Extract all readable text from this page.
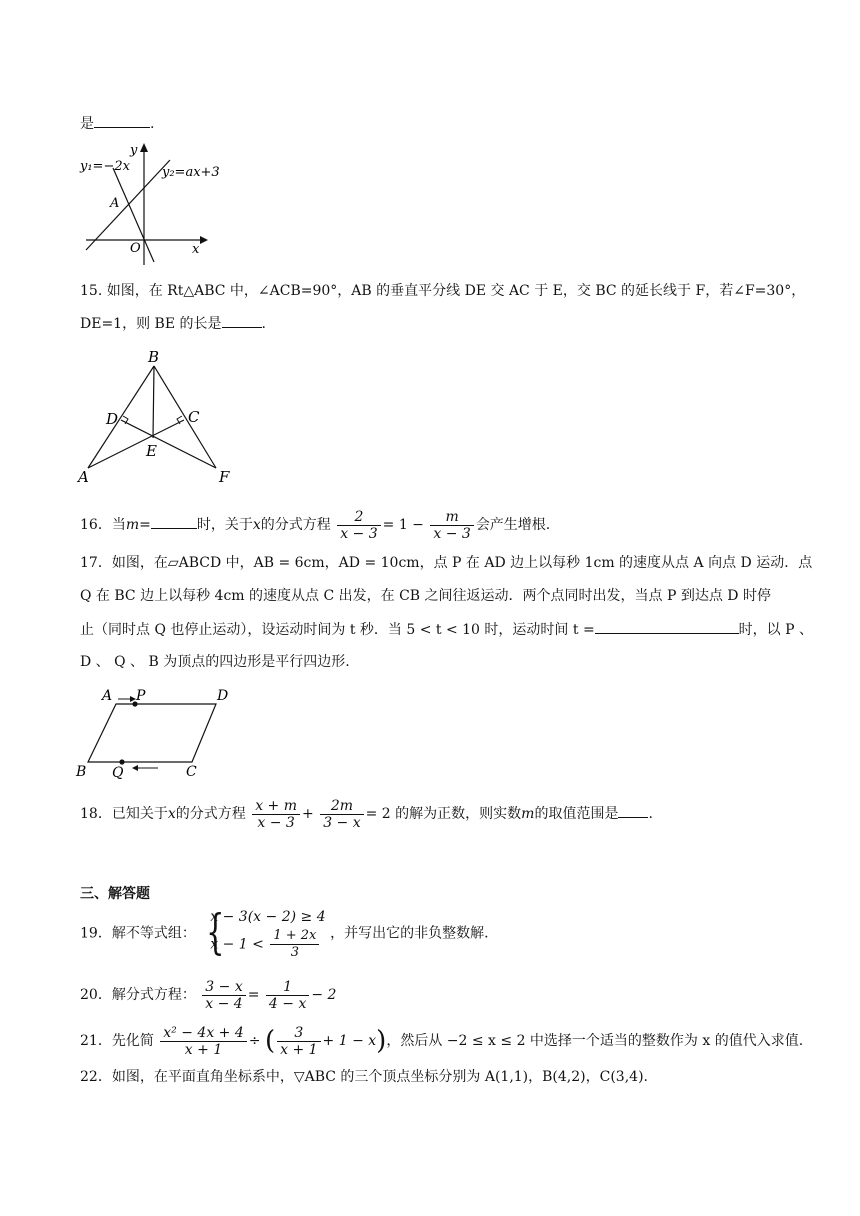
是	.
y₁=−2x y₂=ax+3
A
O	x
y
15. 如图，在 Rt△ABC 中，∠ACB=90°，AB 的垂直平分线 DE 交 AC 于 E，交 BC 的延长线于 F，若∠F=30°，
DE=1，则 BE 的长是	.
B
D	C
E
A	F
16．当m=	时，关于x的分式方程 $\frac{2}{x - 3} = 1 - \frac{m}{x - 3}$ 会产生增根.
17．如图，在▱ABCD 中，AB = 6cm，AD = 10cm，点 P 在 AD 边上以每秒 1cm 的速度从点 A 向点 D 运动．点
Q 在 BC 边上以每秒 4cm 的速度从点 C 出发，在 CB 之间往返运动．两个点同时出发，当点 P 到达点 D 时停
止（同时点 Q 也停止运动），设运动时间为 t 秒．当 5 < t < 10 时，运动时间 t =	时，以 P 、
D 、 Q 、 B 为顶点的四边形是平行四边形.
A P	D
B Q	C
18．已知关于x的分式方程 $\frac{x + m}{x - 3} + \frac{2m}{3 - x} = 2$ 的解为正数，则实数m的取值范围是 .
三、解答题
19．解不等式组： {
x − 3(x − 2) ≥ 4
$x - 1 < \frac{1 + 2x}{3}$ ，并写出它的非负整数解.
20．解分式方程： $\frac{3 - x}{x - 4} = \frac{1}{4 - x} - 2$
21．先化简 $\frac{\text{x² − 4x + 4}}{x + 1}$ ÷ ( $\frac{3}{x + 1} + 1 - x$)，然后从 −2 ≤ x ≤ 2 中选择一个适当的整数作为 x 的值代入求值.
22．如图，在平面直角坐标系中，▽ABC 的三个顶点坐标分别为 A(1,1)，B(4,2)，C(3,4).
